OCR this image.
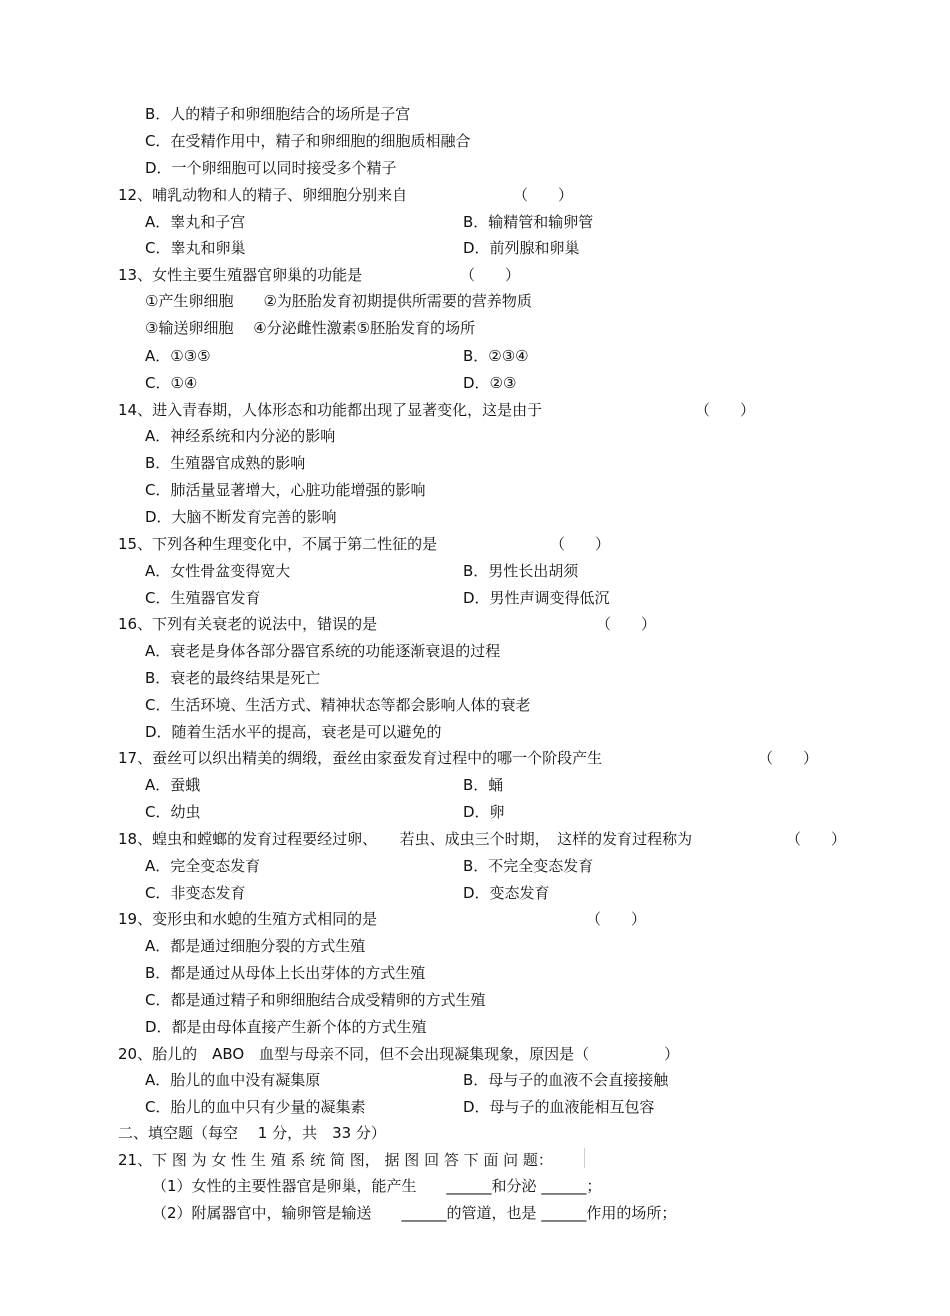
B．人的精子和卵细胞结合的场所是子宫
C．在受精作用中，精子和卵细胞的细胞质相融合
D．一个卵细胞可以同时接受多个精子
12、哺乳动物和人的精子、卵细胞分别来自	（　　）
A．睾丸和子宫	B．输精管和输卵管
C．睾丸和卵巢	D．前列腺和卵巢
13、女性主要生殖器官卵巢的功能是	（　　）
①产生卵细胞　　②为胚胎发育初期提供所需要的营养物质
③输送卵细胞　 ④分泌雌性激素⑤胚胎发育的场所
A．①③⑤	B．②③④
C．①④	D．②③
14、进入青春期，人体形态和功能都出现了显著变化，这是由于	（　　）
A．神经系统和内分泌的影响
B．生殖器官成熟的影响
C．肺活量显著增大，心脏功能增强的影响
D．大脑不断发育完善的影响
15、下列各种生理变化中，不属于第二性征的是	（　　）
A．女性骨盆变得宽大	B．男性长出胡须
C．生殖器官发育	D．男性声调变得低沉
16、下列有关衰老的说法中，错误的是	（　　）
A．衰老是身体各部分器官系统的功能逐渐衰退的过程
B．衰老的最终结果是死亡
C．生活环境、生活方式、精神状态等都会影响人体的衰老
D．随着生活水平的提高，衰老是可以避免的
17、蚕丝可以织出精美的绸缎，蚕丝由家蚕发育过程中的哪一个阶段产生	（　　）
A．蚕蛾	B．蛹
C．幼虫	D．卵
18、蝗虫和螳螂的发育过程要经过卵、　　若虫、成虫三个时期，　这样的发育过程称为	（　　）
A．完全变态发育	B．不完全变态发育
C．非变态发育	D．变态发育
19、变形虫和水螅的生殖方式相同的是	（　　）
A．都是通过细胞分裂的方式生殖
B．都是通过从母体上长出芽体的方式生殖
C．都是通过精子和卵细胞结合成受精卵的方式生殖
D．都是由母体直接产生新个体的方式生殖
20、胎儿的　ABO　血型与母亲不同，但不会出现凝集现象，原因是（　　　　　）
A．胎儿的血中没有凝集原	B．母与子的血液不会直接接触
C．胎儿的血中只有少量的凝集素	D．母与子的血液能相互包容
二、填空题（每空　 1 分，共　33 分）
21、下 图 为 女 性 生 殖 系 统 简 图， 据 图 回 答 下 面 问 题：
（1）女性的主要性器官是卵巢，能产生　　______和分泌 ______；
（2）附属器官中，输卵管是输送　　______的管道，也是 ______作用的场所；
